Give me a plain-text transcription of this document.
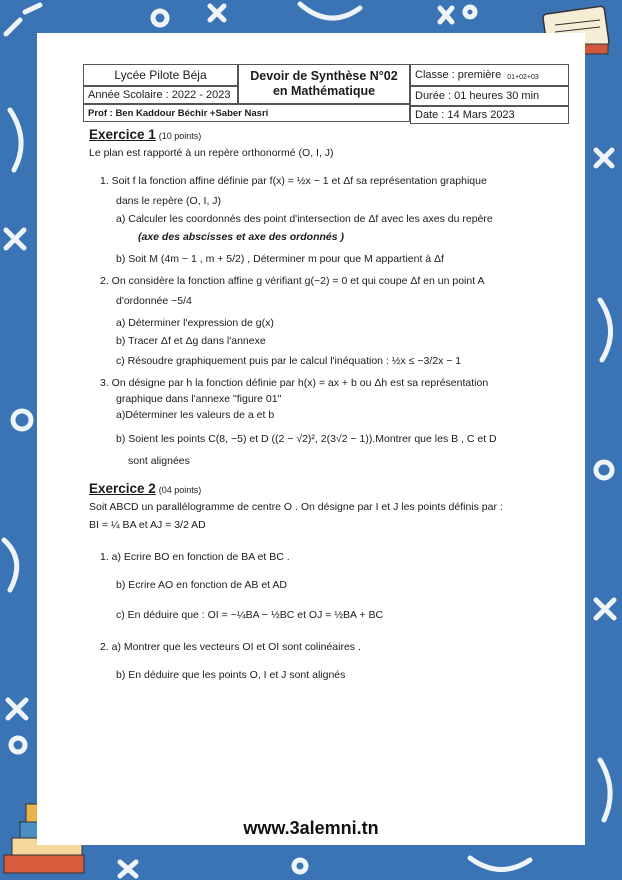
Lycée Pilote Béja
Année Scolaire : 2022 - 2023
Prof : Ben Kaddour Béchir +Saber Nasri
Devoir de Synthèse N°02
en Mathématique
Classe : première 01+02+03
Durée : 01 heures 30 min
Date : 14 Mars 2023
Exercice 1 (10 points)
Le plan est rapporté à un repère orthonormé (O, I, J)
1. Soit f la fonction affine définie par f(x) = ½x − 1 et Δf sa représentation graphique
dans le repère (O, I, J)
a) Calculer les coordonnés des point d'intersection de Δf avec les axes du repère
(axe des abscisses et axe des ordonnés )
b) Soit M (4m − 1 , m + 5/2) , Déterminer m pour que M appartient à Δf
2. On considère la fonction affine g vérifiant g(−2) = 0 et qui coupe Δf en un point A
d'ordonnée −5/4
a) Déterminer l'expression de g(x)
b) Tracer Δf et Δg dans l'annexe
c) Résoudre graphiquement puis par le calcul l'inéquation : ½x ≤ −3/2x − 1
3. On désigne par h la fonction définie par h(x) = ax + b ou Δh est sa représentation
graphique dans l'annexe "figure 01"
a)Déterminer les valeurs de a et b
b) Soient les points C(8, −5) et D ((2 − √2)², 2(3√2 − 1)).Montrer que les B , C et D
sont alignées
Exercice 2 (04 points)
Soit ABCD un parallélogramme de centre O . On désigne par I et J les points définis par :
BI = ¼ BA et AJ = 3/2 AD
1. a) Ecrire BO en fonction de BA et BC .
b) Ecrire AO en fonction de AB et AD
c) En déduire que : OI = −¼BA − ½BC et OJ = ½BA + BC
2. a) Montrer que les vecteurs OI et OI sont colinéaires .
b) En déduire que les points O, I et J sont alignés
www.3alemni.tn
